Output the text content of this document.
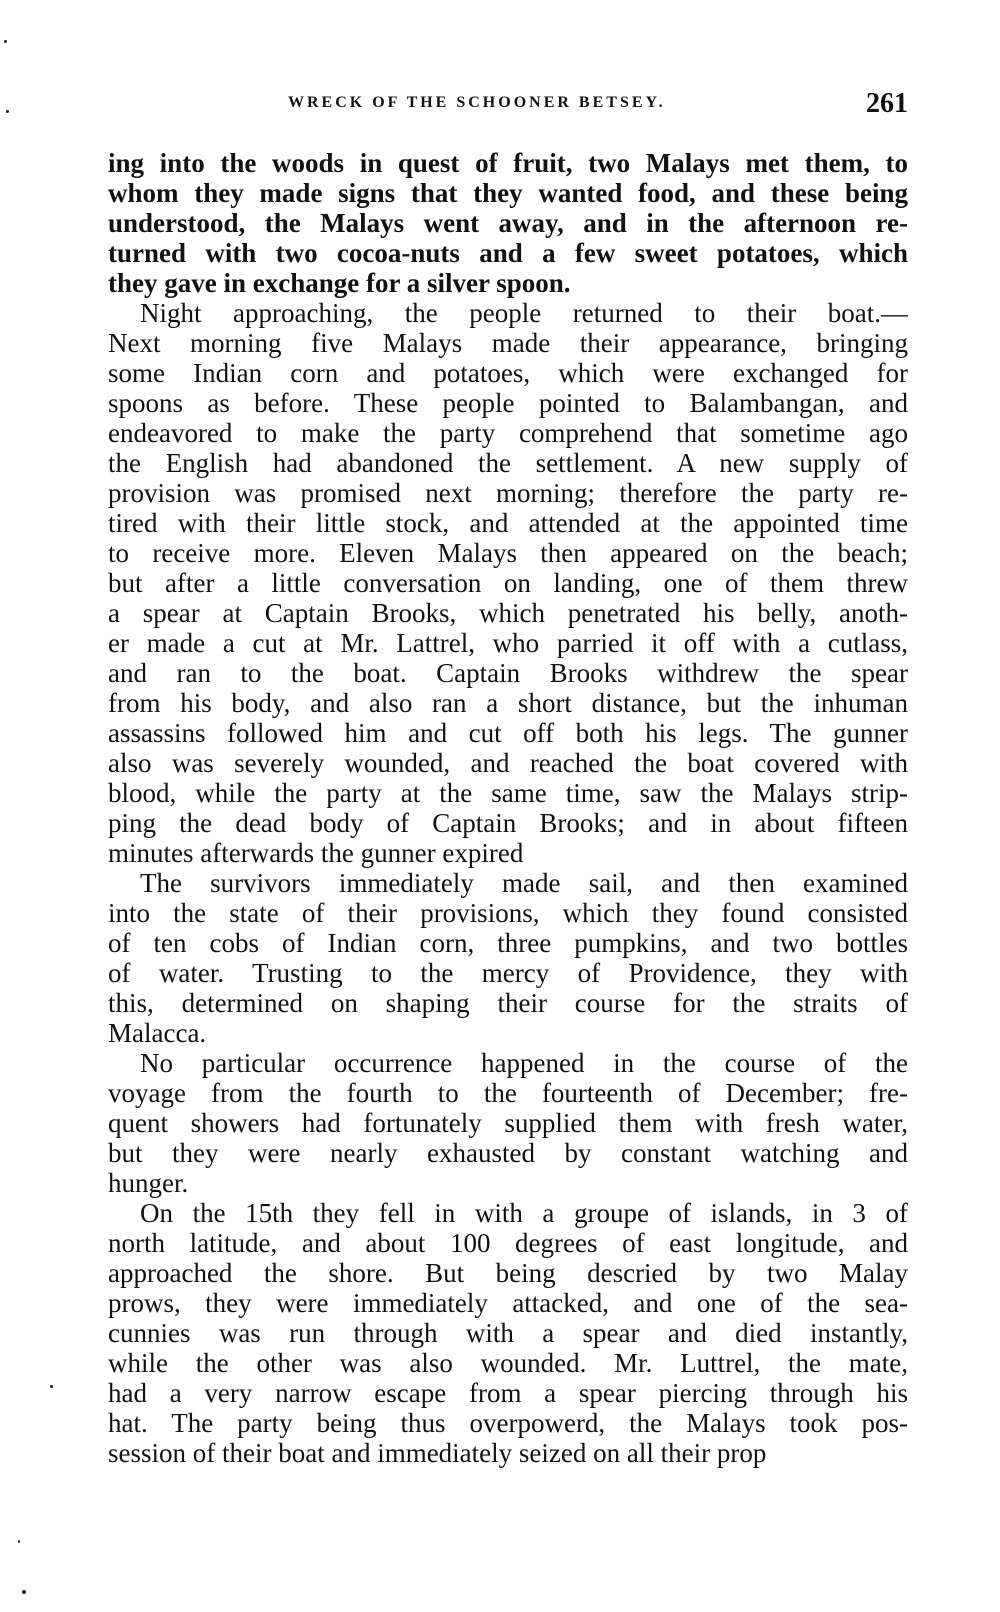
WRECK OF THE SCHOONER BETSEY.	261
ing into the woods in quest of fruit, two Malays met them, to
whom they made signs that they wanted food, and these being
understood, the Malays went away, and in the afternoon re-
turned with two cocoa-nuts and a few sweet potatoes, which
they gave in exchange for a silver spoon.
Night approaching, the people returned to their boat.—
Next morning five Malays made their appearance, bringing
some Indian corn and potatoes, which were exchanged for
spoons as before. These people pointed to Balambangan, and
endeavored to make the party comprehend that sometime ago
the English had abandoned the settlement. A new supply of
provision was promised next morning; therefore the party re-
tired with their little stock, and attended at the appointed time
to receive more. Eleven Malays then appeared on the beach;
but after a little conversation on landing, one of them threw
a spear at Captain Brooks, which penetrated his belly, anoth-
er made a cut at Mr. Lattrel, who parried it off with a cutlass,
and ran to the boat. Captain Brooks withdrew the spear
from his body, and also ran a short distance, but the inhuman
assassins followed him and cut off both his legs. The gunner
also was severely wounded, and reached the boat covered with
blood, while the party at the same time, saw the Malays strip-
ping the dead body of Captain Brooks; and in about fifteen
minutes afterwards the gunner expired
The survivors immediately made sail, and then examined
into the state of their provisions, which they found consisted
of ten cobs of Indian corn, three pumpkins, and two bottles
of water. Trusting to the mercy of Providence, they with
this, determined on shaping their course for the straits of
Malacca.
No particular occurrence happened in the course of the
voyage from the fourth to the fourteenth of December; fre-
quent showers had fortunately supplied them with fresh water,
but they were nearly exhausted by constant watching and
hunger.
On the 15th they fell in with a groupe of islands, in 3 of
north latitude, and about 100 degrees of east longitude, and
approached the shore. But being descried by two Malay
prows, they were immediately attacked, and one of the sea-
cunnies was run through with a spear and died instantly,
while the other was also wounded. Mr. Luttrel, the mate,
had a very narrow escape from a spear piercing through his
hat. The party being thus overpowerd, the Malays took pos-
session of their boat and immediately seized on all their prop
